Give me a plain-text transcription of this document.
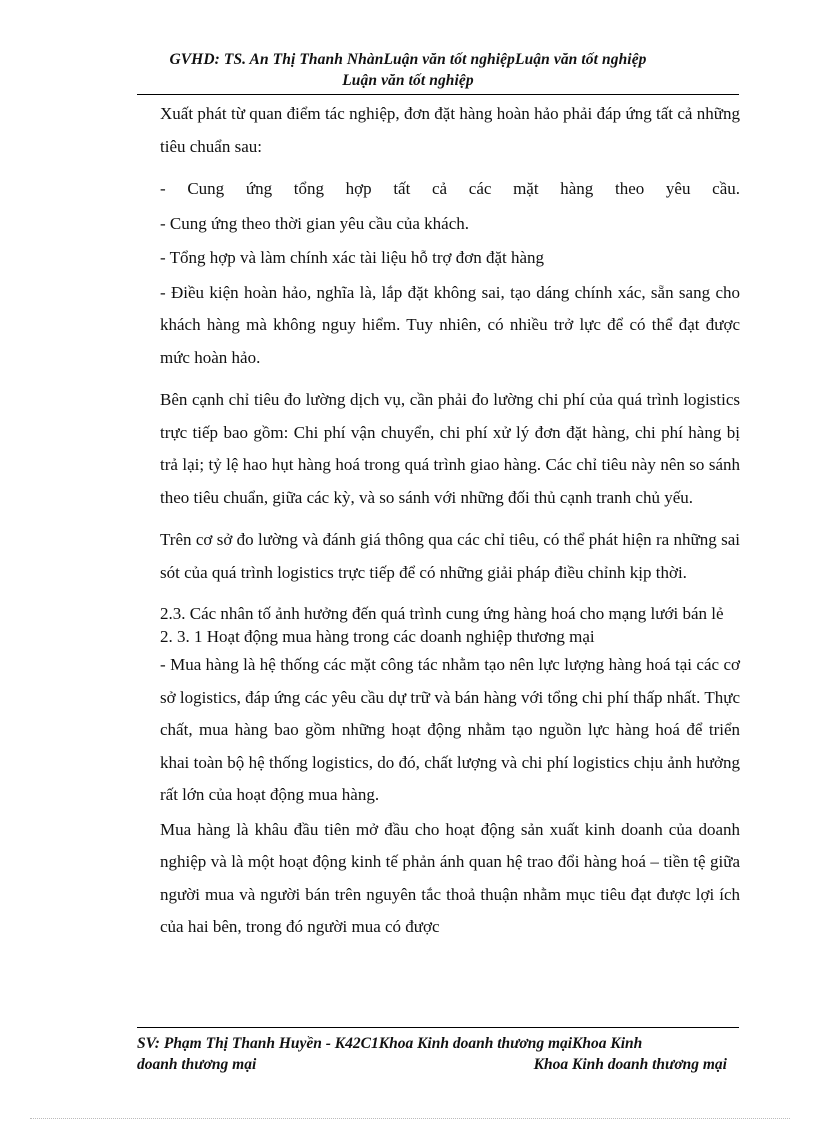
GVHD: TS. An Thị Thanh NhànLuận văn tốt nghiệpLuận văn tốt nghiệp
Luận văn tốt nghiệp

Xuất phát từ quan điểm tác nghiệp, đơn đặt hàng hoàn hảo phải đáp ứng tất cả những tiêu chuẩn sau:

- Cung ứng tổng hợp tất cả các mặt hàng theo yêu cầu.

- Cung ứng theo thời gian yêu cầu của khách.

- Tổng hợp và làm chính xác tài liệu hỗ trợ đơn đặt hàng

- Điều kiện hoàn hảo, nghĩa là, lắp đặt không sai, tạo dáng chính xác, sẵn sang cho khách hàng mà không nguy hiểm. Tuy nhiên, có nhiều trở lực để có thể đạt được mức hoàn hảo.

Bên cạnh chỉ tiêu đo lường dịch vụ, cần phải đo lường chi phí của quá trình logistics trực tiếp bao gồm: Chi phí vận chuyển, chi phí xử lý đơn đặt hàng, chi phí hàng bị trả lại; tỷ lệ hao hụt hàng hoá trong quá trình giao hàng. Các chỉ tiêu này nên so sánh theo tiêu chuẩn, giữa các kỳ, và so sánh với những đối thủ cạnh tranh chủ yếu.

Trên cơ sở đo lường và đánh giá thông qua các chỉ tiêu, có thể phát hiện ra những sai sót của quá trình logistics trực tiếp để có những giải pháp điều chỉnh kịp thời.

2.3. Các nhân tố ảnh hưởng đến quá trình cung ứng hàng hoá cho mạng lưới bán lẻ

2. 3. 1 Hoạt động mua hàng trong các doanh nghiệp thương mại

- Mua hàng là hệ thống các mặt công tác nhằm tạo nên lực lượng hàng hoá tại các cơ sở logistics, đáp ứng các yêu cầu dự trữ và bán hàng với tổng chi phí thấp nhất. Thực chất, mua hàng bao gồm những hoạt động nhằm tạo nguồn lực hàng hoá để triển khai toàn bộ hệ thống logistics, do đó, chất lượng và chi phí logistics chịu ảnh hưởng rất lớn của hoạt động mua hàng.

Mua hàng là khâu đầu tiên mở đầu cho hoạt động sản xuất kinh doanh của doanh nghiệp và là một hoạt động kinh tế phản ánh quan hệ trao đổi hàng hoá – tiền tệ giữa người mua và người bán trên nguyên tắc thoả thuận nhằm mục tiêu đạt được lợi ích của hai bên, trong đó người mua có được

SV: Phạm Thị Thanh Huyền - K42C1Khoa Kinh doanh thương mạiKhoa Kinh
doanh thương mại	Khoa Kinh doanh thương mại
